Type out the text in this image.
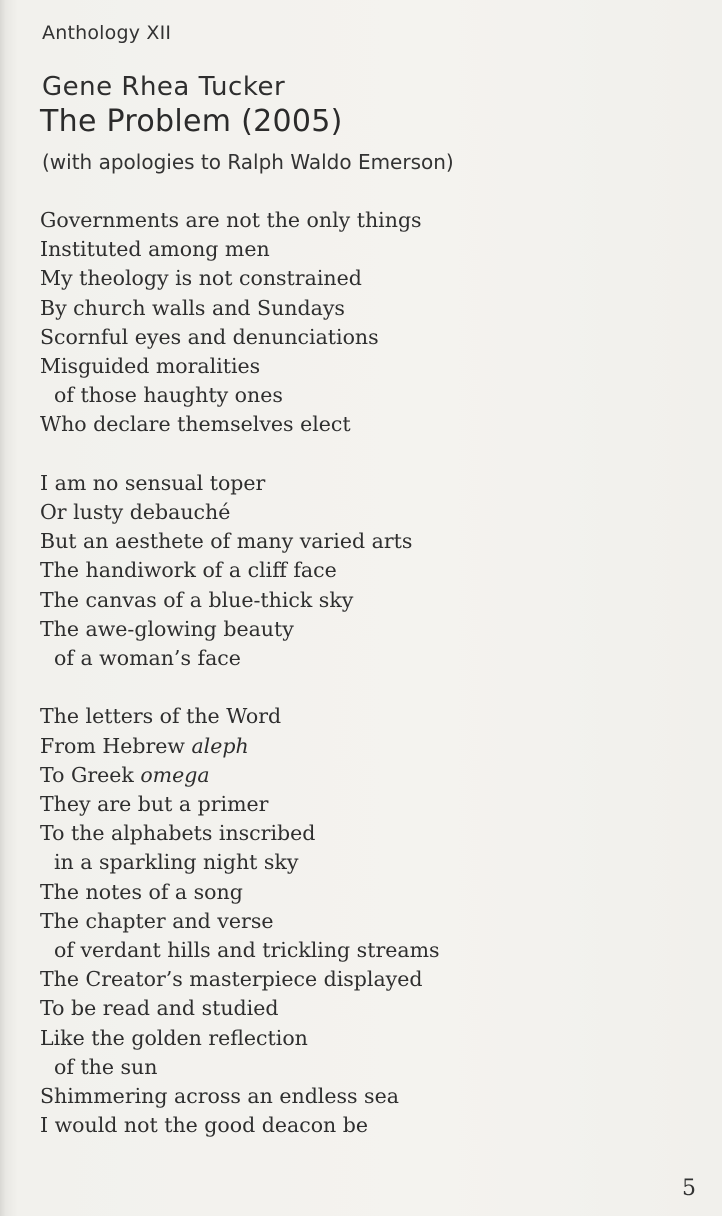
Anthology XII
Gene Rhea Tucker
The Problem (2005)
(with apologies to Ralph Waldo Emerson)
Governments are not the only things
Instituted among men
My theology is not constrained
By church walls and Sundays
Scornful eyes and denunciations
Misguided moralities
of those haughty ones
Who declare themselves elect
I am no sensual toper
Or lusty debauché
But an aesthete of many varied arts
The handiwork of a cliff face
The canvas of a blue-thick sky
The awe-glowing beauty
of a woman’s face
The letters of the Word
From Hebrew aleph
To Greek omega
They are but a primer
To the alphabets inscribed
in a sparkling night sky
The notes of a song
The chapter and verse
of verdant hills and trickling streams
The Creator’s masterpiece displayed
To be read and studied
Like the golden reflection
of the sun
Shimmering across an endless sea
I would not the good deacon be
5
